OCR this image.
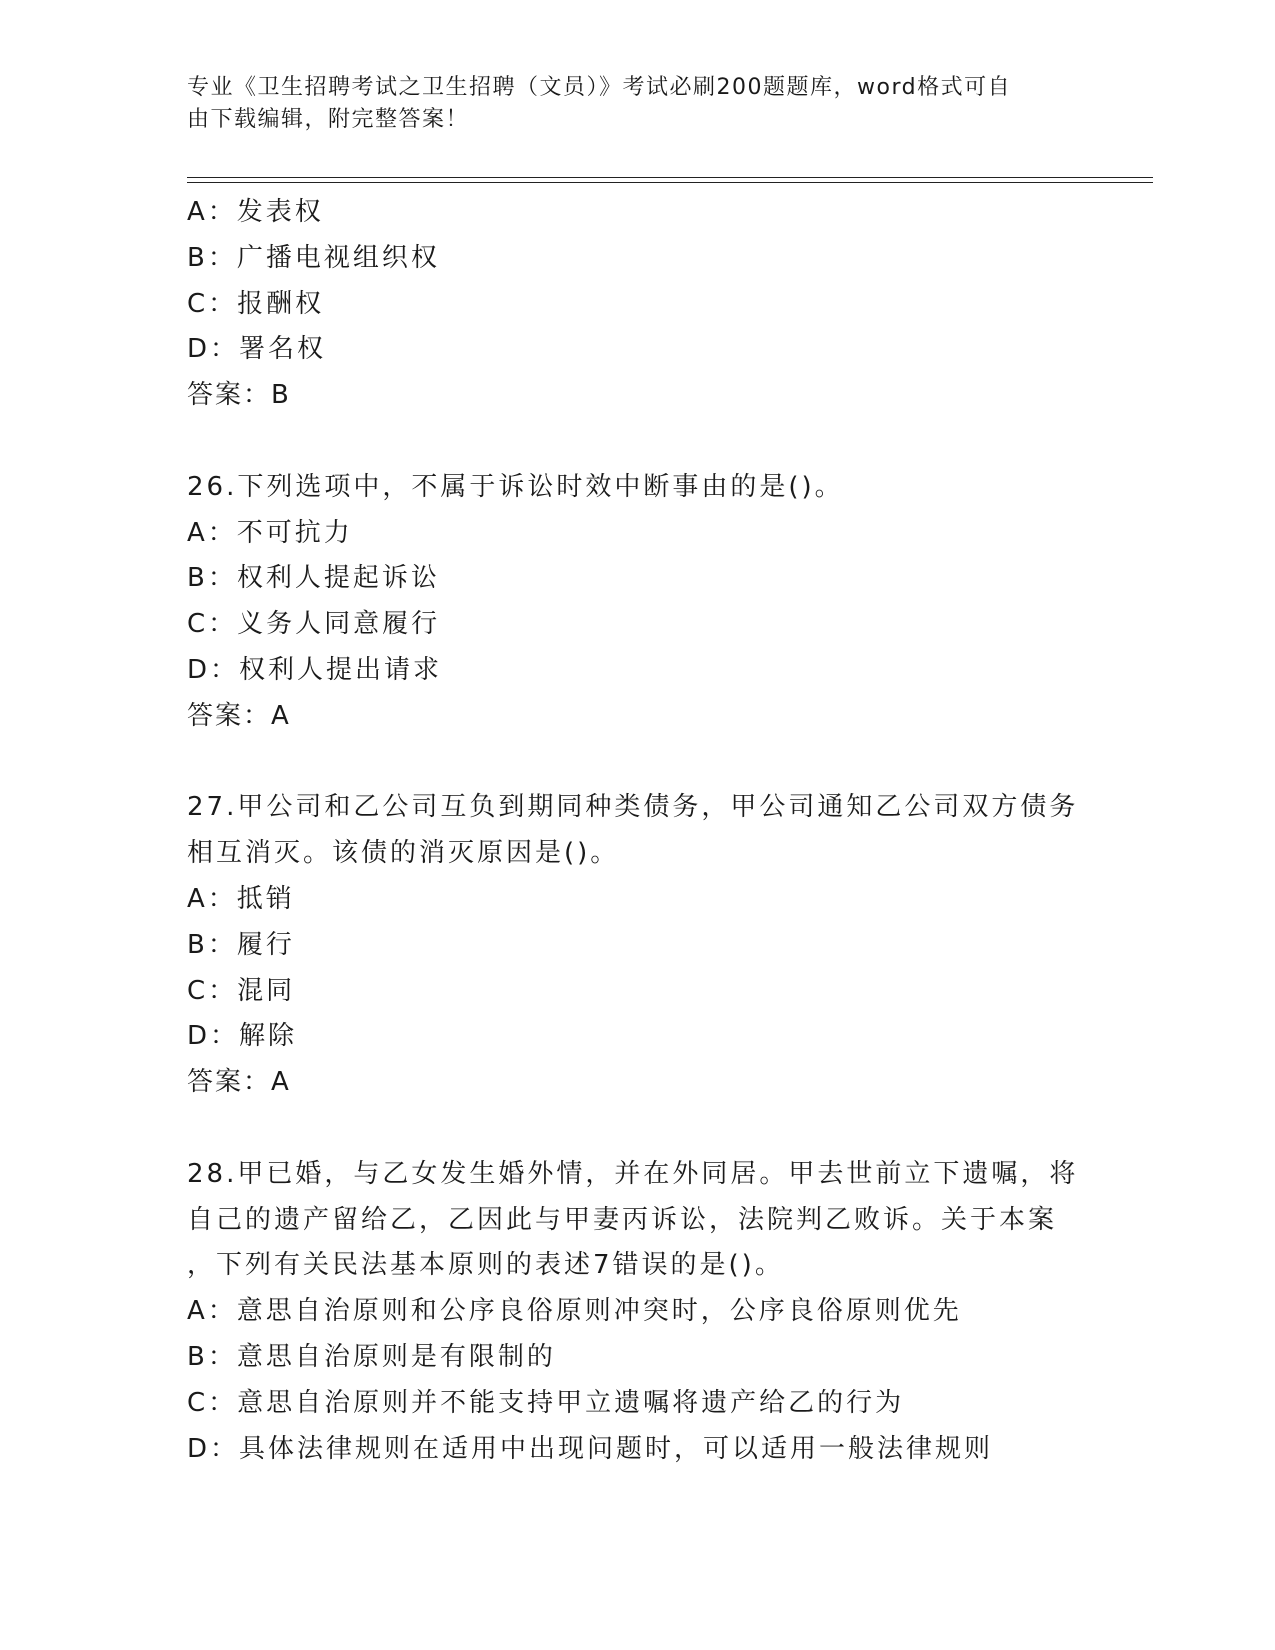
专业《卫生招聘考试之卫生招聘（文员）》考试必刷200题题库，word格式可自
由下载编辑，附完整答案！
A：发表权
B：广播电视组织权
C：报酬权
D：署名权
答案：B
26.下列选项中，不属于诉讼时效中断事由的是()。
A：不可抗力
B：权利人提起诉讼
C：义务人同意履行
D：权利人提出请求
答案：A
27.甲公司和乙公司互负到期同种类债务，甲公司通知乙公司双方债务
相互消灭。该债的消灭原因是()。
A：抵销
B：履行
C：混同
D：解除
答案：A
28.甲已婚，与乙女发生婚外情，并在外同居。甲去世前立下遗嘱，将
自己的遗产留给乙，乙因此与甲妻丙诉讼，法院判乙败诉。关于本案
，下列有关民法基本原则的表述7错误的是()。
A：意思自治原则和公序良俗原则冲突时，公序良俗原则优先
B：意思自治原则是有限制的
C：意思自治原则并不能支持甲立遗嘱将遗产给乙的行为
D：具体法律规则在适用中出现问题时，可以适用一般法律规则
